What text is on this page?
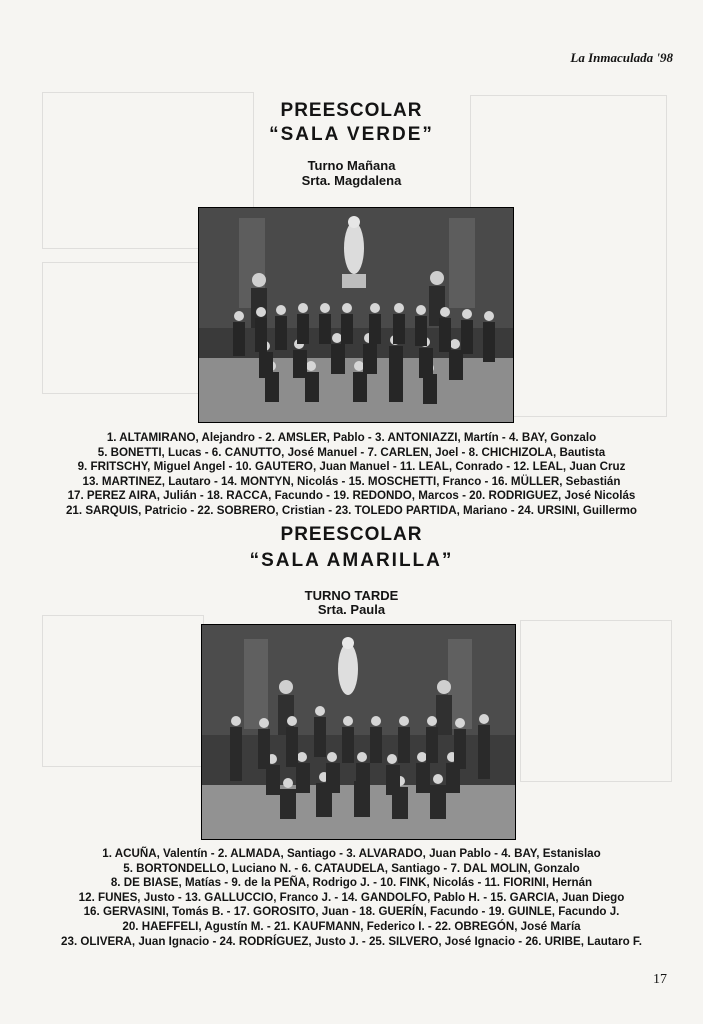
La Inmaculada '98
PREESCOLAR
“SALA VERDE”
Turno Mañana
Srta. Magdalena

1. ALTAMIRANO, Alejandro - 2. AMSLER, Pablo - 3. ANTONIAZZI, Martín - 4. BAY, Gonzalo
5. BONETTI, Lucas - 6. CANUTTO, José Manuel - 7. CARLEN, Joel - 8. CHICHIZOLA, Bautista
9. FRITSCHY, Miguel Angel - 10. GAUTERO, Juan Manuel - 11. LEAL, Conrado - 12. LEAL, Juan Cruz
13. MARTINEZ, Lautaro - 14. MONTYN, Nicolás - 15. MOSCHETTI, Franco - 16. MÜLLER, Sebastián
17. PEREZ AIRA, Julián - 18. RACCA, Facundo - 19. REDONDO, Marcos - 20. RODRIGUEZ, José Nicolás
21. SARQUIS, Patricio - 22. SOBRERO, Cristian - 23. TOLEDO PARTIDA, Mariano - 24. URSINI, Guillermo

PREESCOLAR
“SALA AMARILLA”
TURNO TARDE
Srta. Paula

1. ACUÑA, Valentín - 2. ALMADA, Santiago - 3. ALVARADO, Juan Pablo - 4. BAY, Estanislao
5. BORTONDELLO, Luciano N. - 6. CATAUDELA, Santiago - 7. DAL MOLIN, Gonzalo
8. DE BIASE, Matías - 9. de la PEÑA, Rodrigo J. - 10. FINK, Nicolás - 11. FIORINI, Hernán
12. FUNES, Justo - 13. GALLUCCIO, Franco J. - 14. GANDOLFO, Pablo H. - 15. GARCIA, Juan Diego
16. GERVASINI, Tomás B. - 17. GOROSITO, Juan - 18. GUERÍN, Facundo - 19. GUINLE, Facundo J.
20. HAEFFELI, Agustín M. - 21. KAUFMANN, Federico I. - 22. OBREGÓN, José María
23. OLIVERA, Juan Ignacio - 24. RODRÍGUEZ, Justo J. - 25. SILVERO, José Ignacio - 26. URIBE, Lautaro F.

17
